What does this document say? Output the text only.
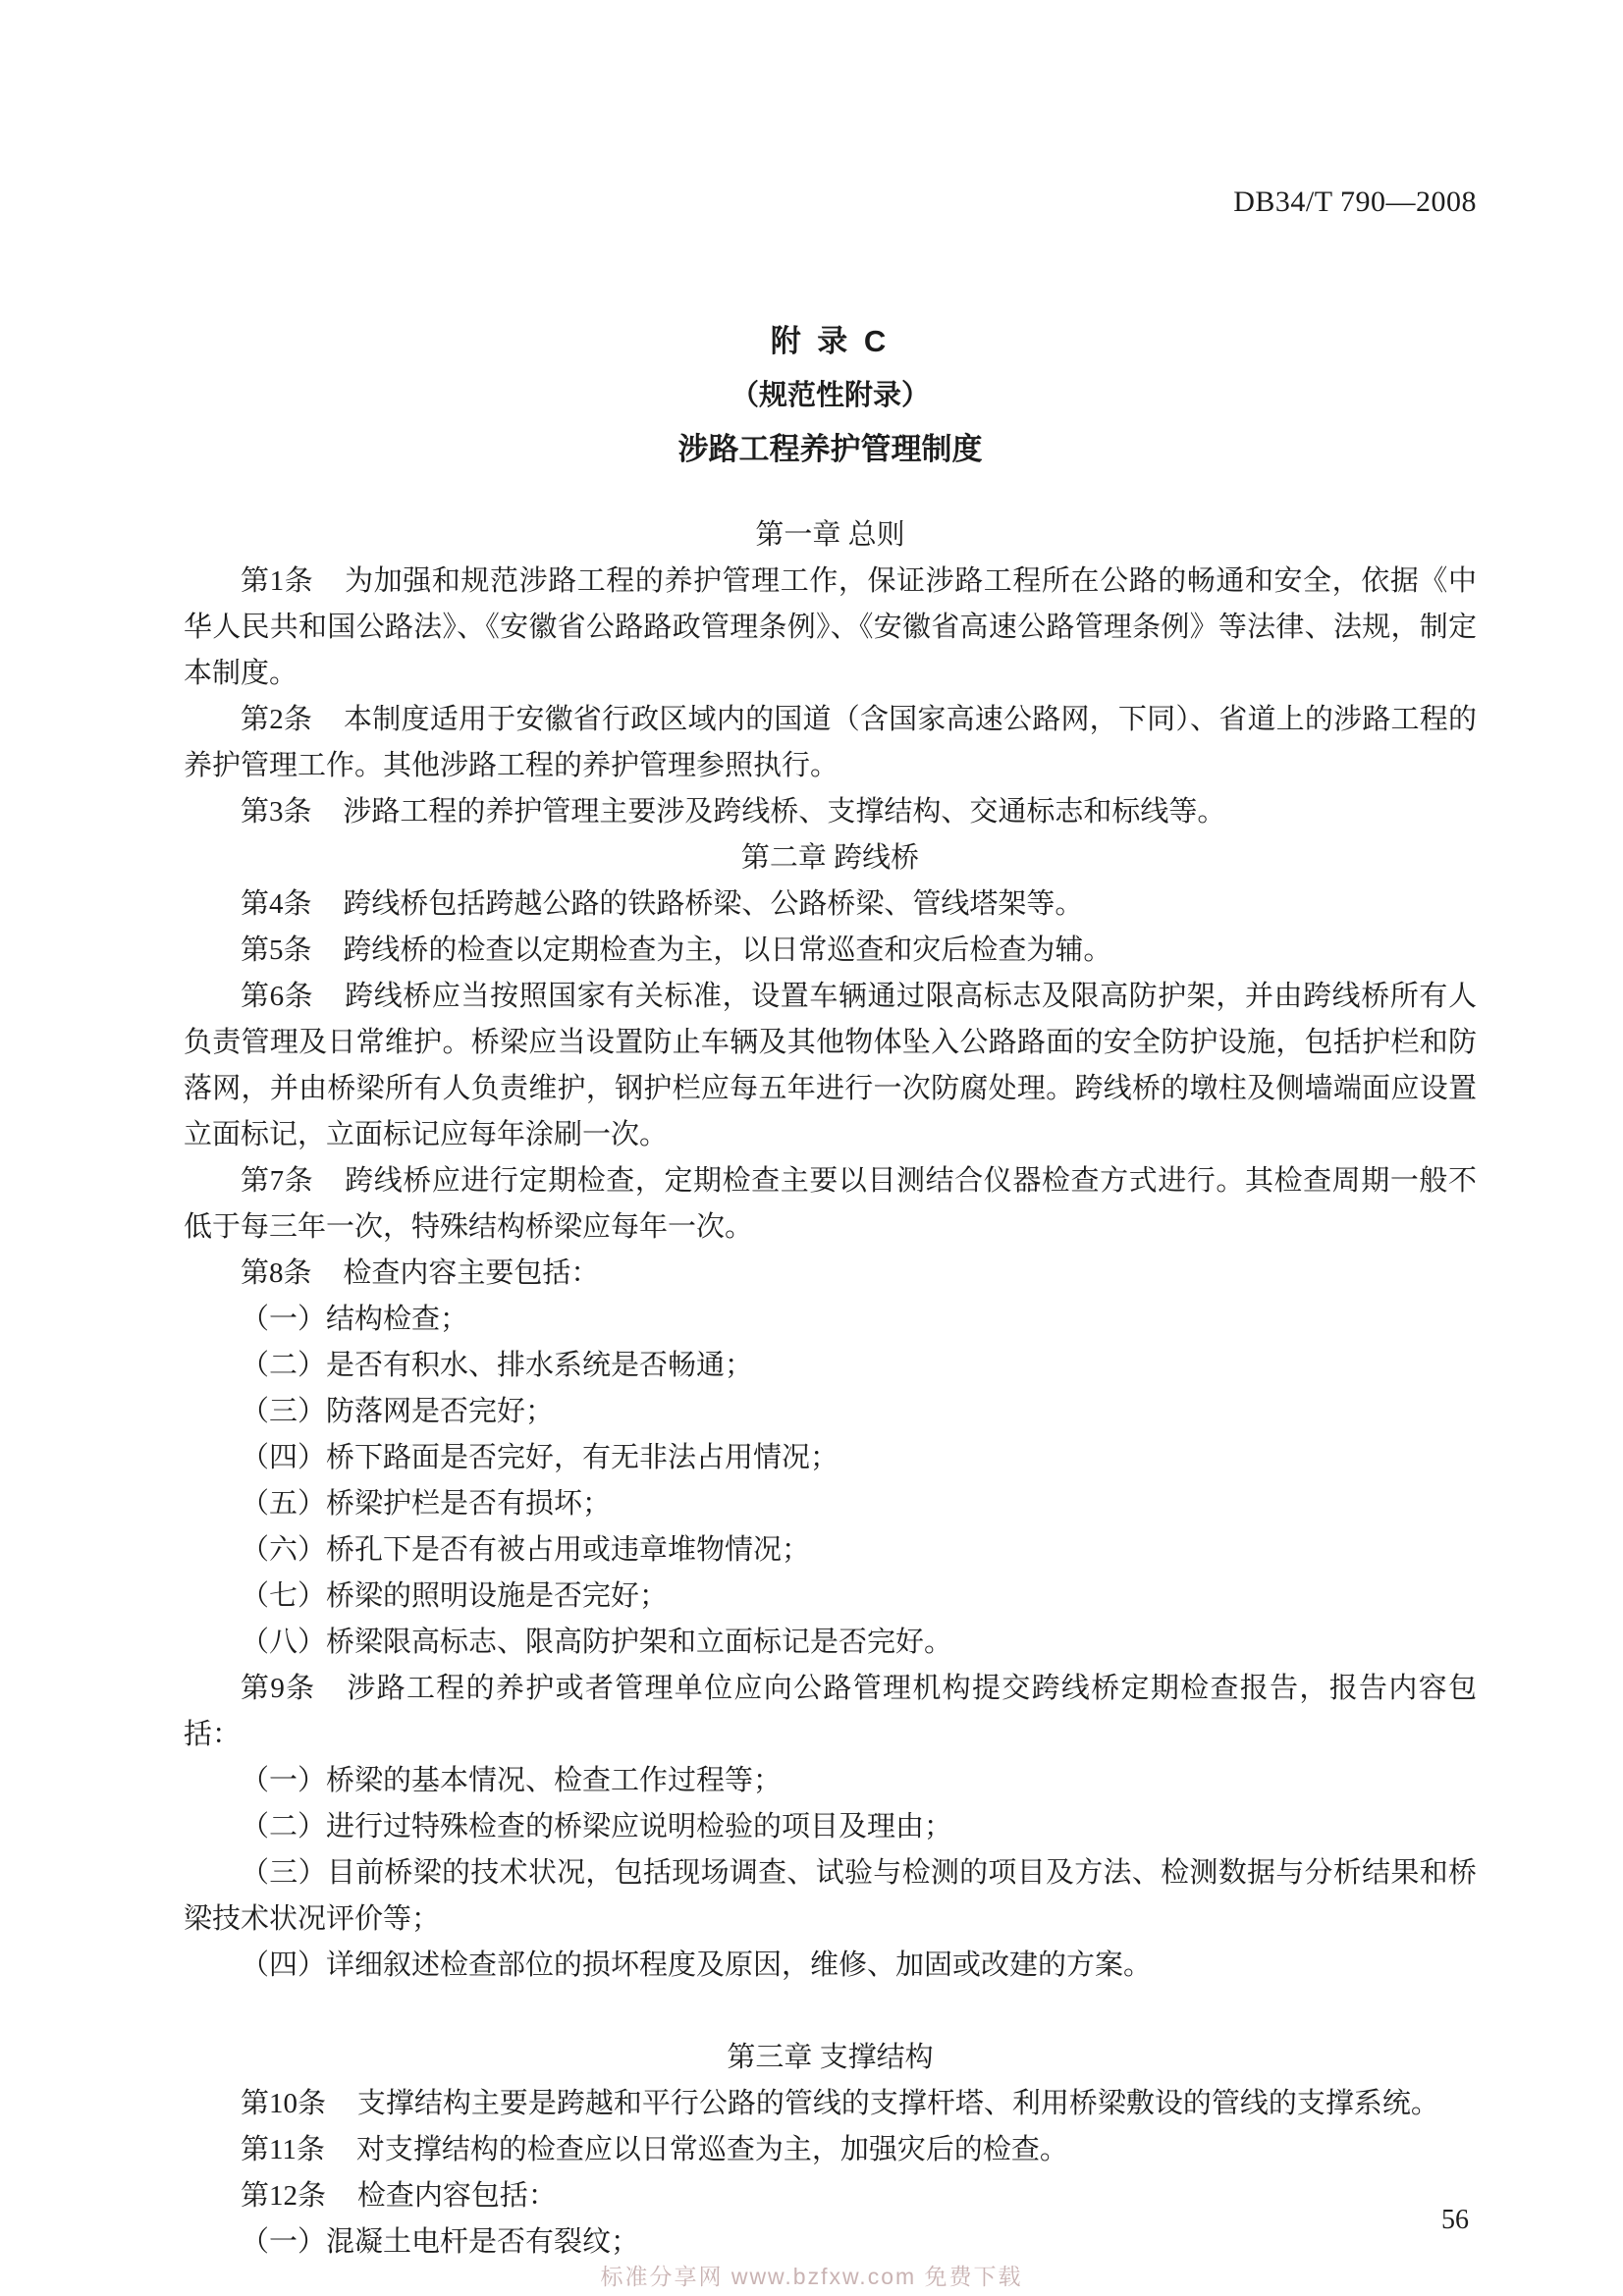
DB34/T 790—2008
附 录 C
（规范性附录）
涉路工程养护管理制度

第一章 总则

第1条 为加强和规范涉路工程的养护管理工作，保证涉路工程所在公路的畅通和安全，依据《中华人民共和国公路法》、《安徽省公路路政管理条例》、《安徽省高速公路管理条例》等法律、法规，制定本制度。

第2条 本制度适用于安徽省行政区域内的国道（含国家高速公路网，下同）、省道上的涉路工程的养护管理工作。其他涉路工程的养护管理参照执行。

第3条 涉路工程的养护管理主要涉及跨线桥、支撑结构、交通标志和标线等。

第二章 跨线桥

第4条 跨线桥包括跨越公路的铁路桥梁、公路桥梁、管线塔架等。

第5条 跨线桥的检查以定期检查为主，以日常巡查和灾后检查为辅。

第6条 跨线桥应当按照国家有关标准，设置车辆通过限高标志及限高防护架，并由跨线桥所有人负责管理及日常维护。桥梁应当设置防止车辆及其他物体坠入公路路面的安全防护设施，包括护栏和防落网，并由桥梁所有人负责维护，钢护栏应每五年进行一次防腐处理。跨线桥的墩柱及侧墙端面应设置立面标记，立面标记应每年涂刷一次。

第7条 跨线桥应进行定期检查，定期检查主要以目测结合仪器检查方式进行。其检查周期一般不低于每三年一次，特殊结构桥梁应每年一次。

第8条 检查内容主要包括：

（一）结构检查；

（二）是否有积水、排水系统是否畅通；

（三）防落网是否完好；

（四）桥下路面是否完好，有无非法占用情况；

（五）桥梁护栏是否有损坏；

（六）桥孔下是否有被占用或违章堆物情况；

（七）桥梁的照明设施是否完好；

（八）桥梁限高标志、限高防护架和立面标记是否完好。

第9条 涉路工程的养护或者管理单位应向公路管理机构提交跨线桥定期检查报告，报告内容包括：

（一）桥梁的基本情况、检查工作过程等；

（二）进行过特殊检查的桥梁应说明检验的项目及理由；

（三）目前桥梁的技术状况，包括现场调查、试验与检测的项目及方法、检测数据与分析结果和桥梁技术状况评价等；

（四）详细叙述检查部位的损坏程度及原因，维修、加固或改建的方案。

第三章 支撑结构

第10条 支撑结构主要是跨越和平行公路的管线的支撑杆塔、利用桥梁敷设的管线的支撑系统。

第11条 对支撑结构的检查应以日常巡查为主，加强灾后的检查。

第12条 检查内容包括：

（一）混凝土电杆是否有裂纹；

56
标准分享网 www.bzfxw.com 免费下载
